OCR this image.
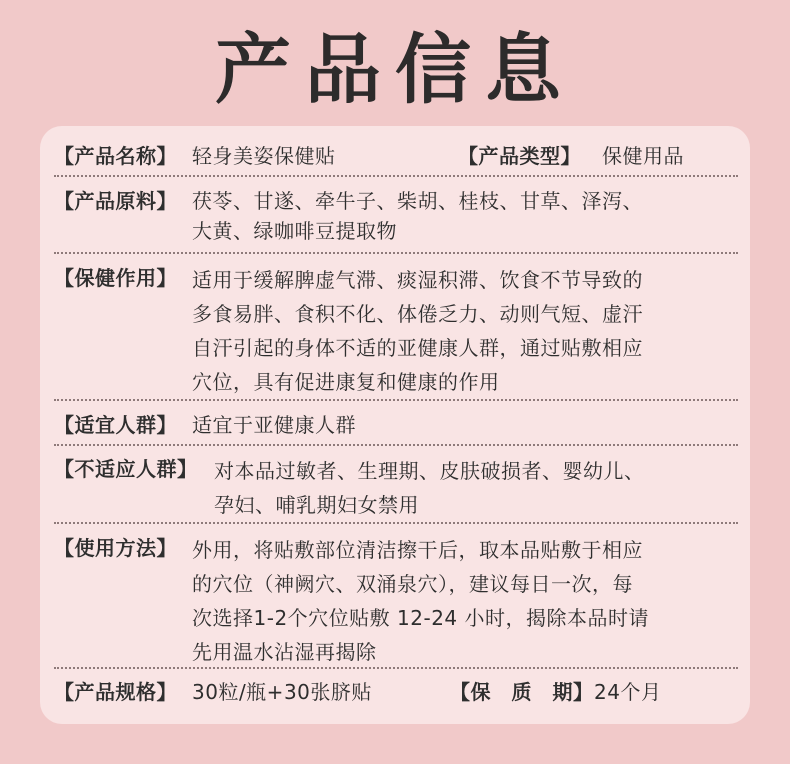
产品信息
【产品名称】 轻身美姿保健贴	【产品类型】 保健用品
【产品原料】 茯苓、甘遂、牵牛子、柴胡、桂枝、甘草、泽泻、
大黄、绿咖啡豆提取物
【保健作用】 适用于缓解脾虚气滞、痰湿积滞、饮食不节导致的
多食易胖、食积不化、体倦乏力、动则气短、虚汗
自汗引起的身体不适的亚健康人群，通过贴敷相应
穴位，具有促进康复和健康的作用
【适宜人群】 适宜于亚健康人群
【不适应人群】 对本品过敏者、生理期、皮肤破损者、婴幼儿、
孕妇、哺乳期妇女禁用
【使用方法】 外用，将贴敷部位清洁擦干后，取本品贴敷于相应
的穴位（神阙穴、双涌泉穴），建议每日一次，每
次选择1-2个穴位贴敷 12-24 小时，揭除本品时请
先用温水沾湿再揭除
【产品规格】 30粒/瓶+30张脐贴	【保　质　期】 24个月
